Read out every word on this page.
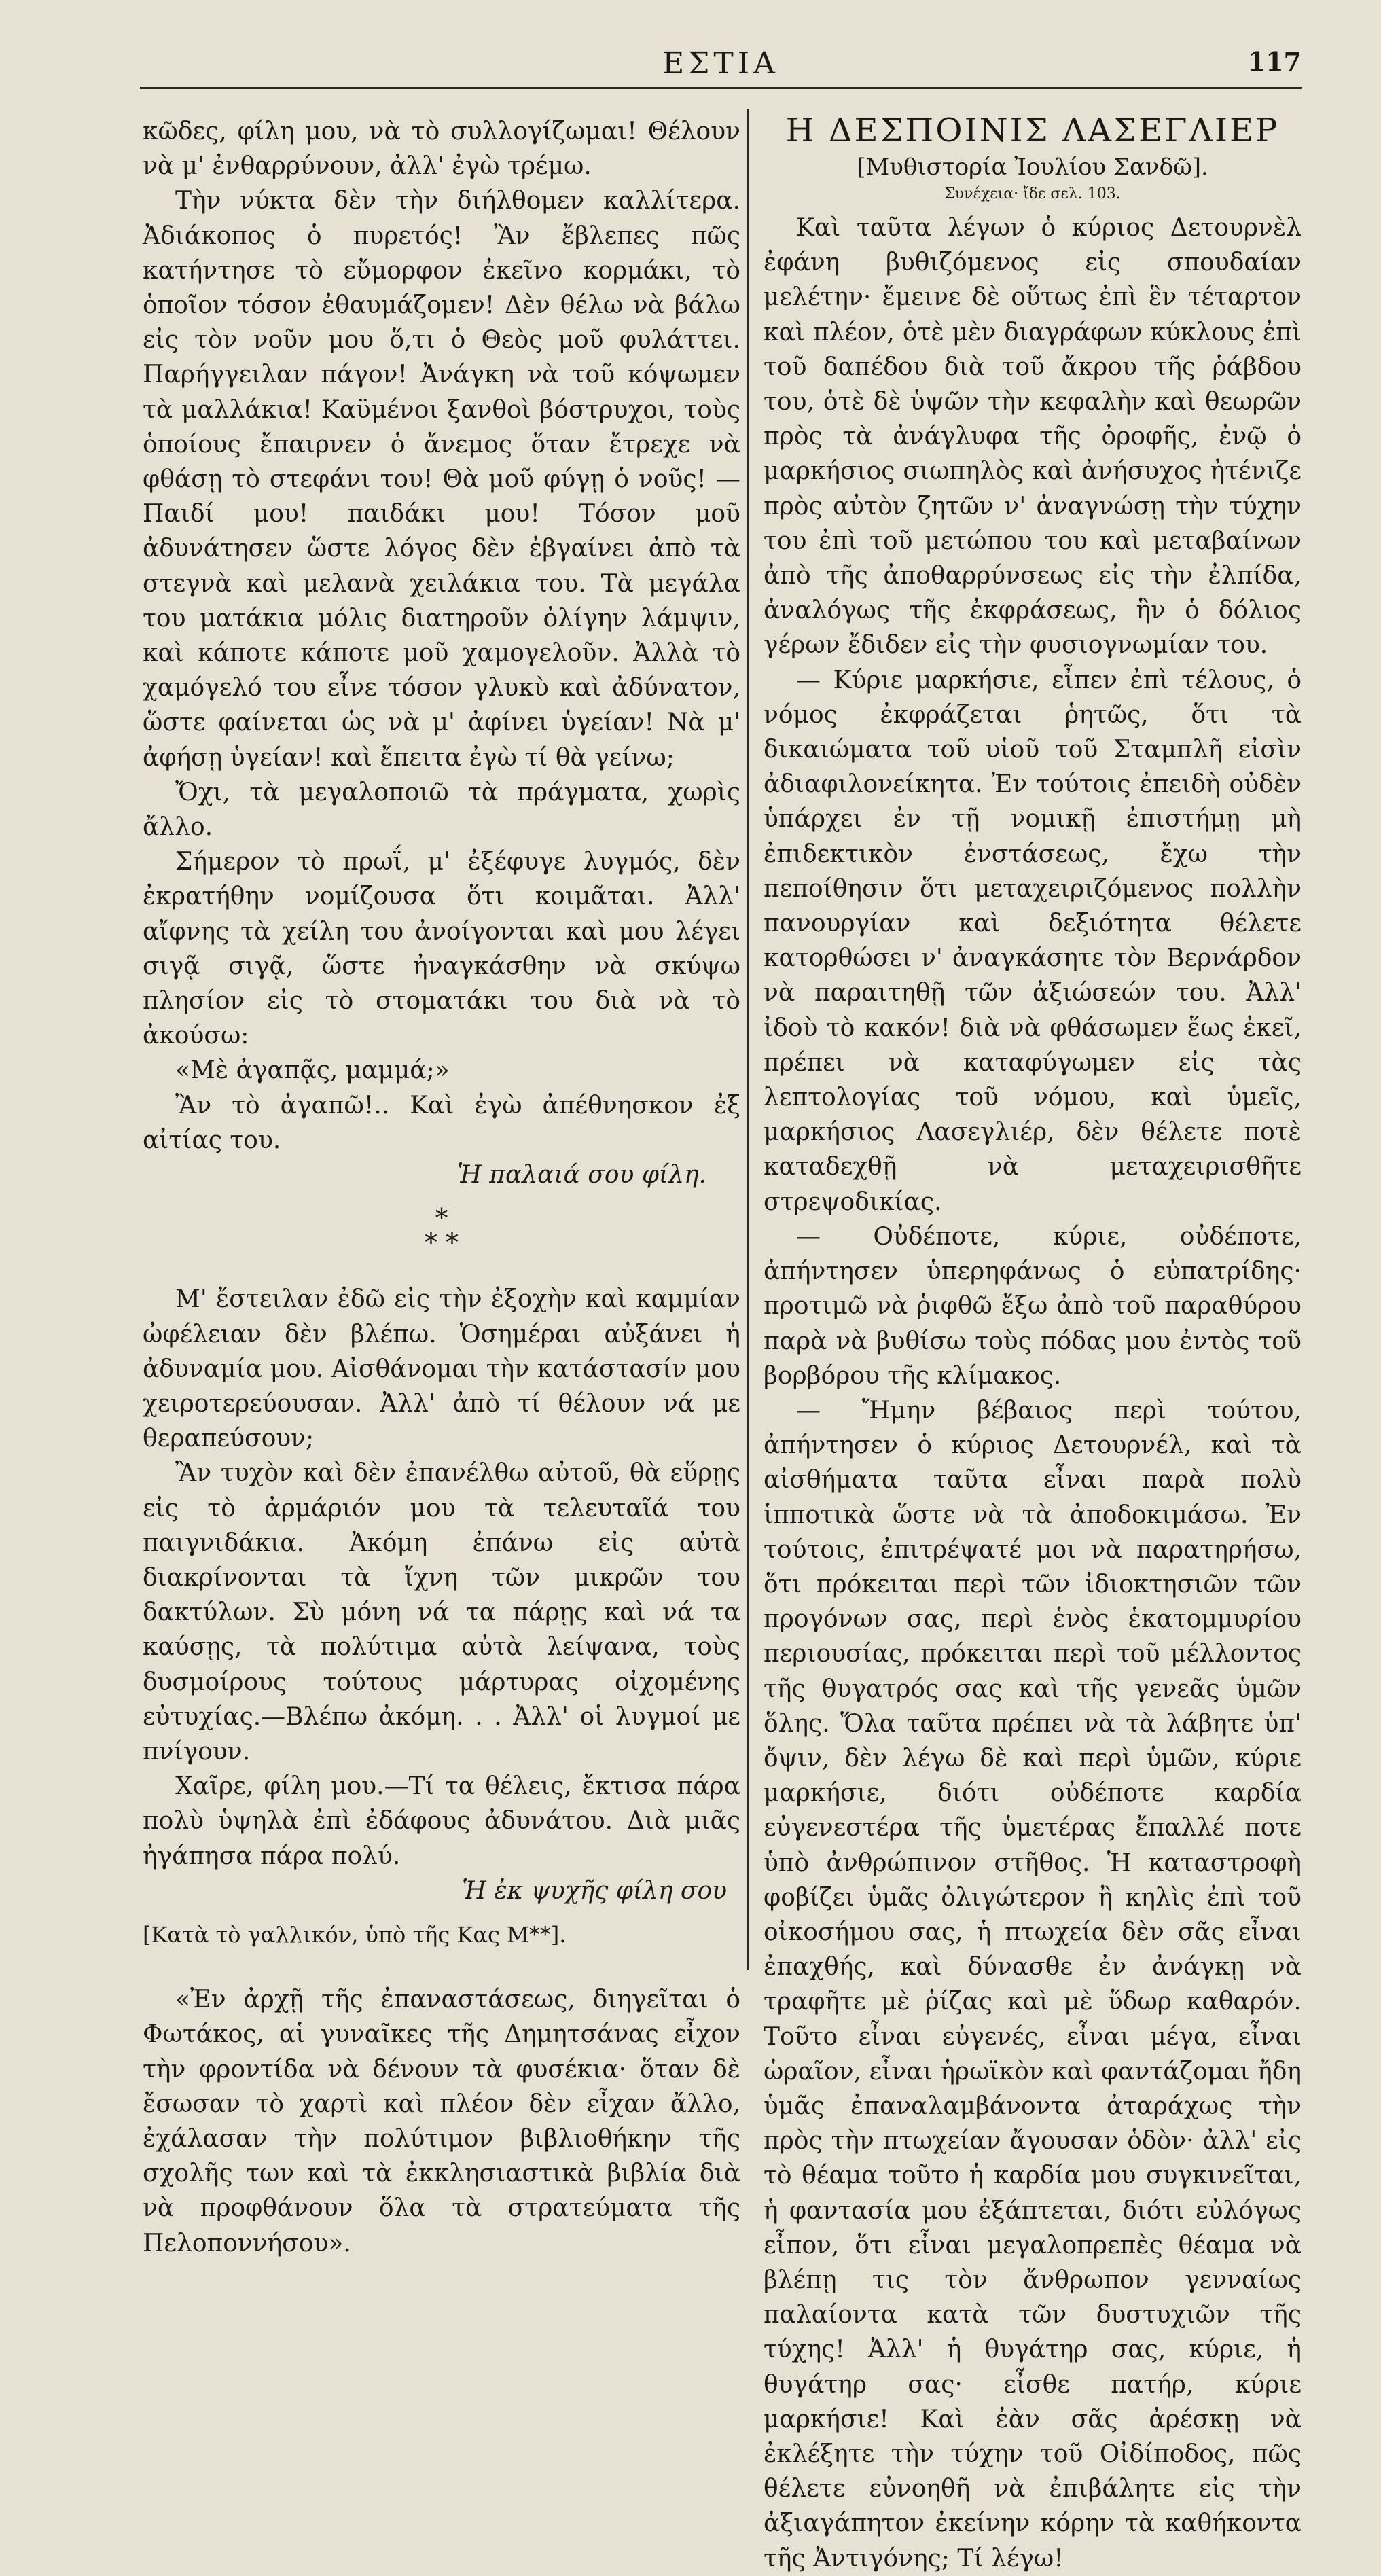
ΕΣΤΙΑ	117

κῶδες, φίλη μου, νὰ τὸ συλλογίζωμαι! Θέλουν νὰ μ' ἐνθαρρύνουν, ἀλλ' ἐγὼ τρέμω.

Τὴν νύκτα δὲν τὴν διήλθομεν καλλίτερα. Ἀδιάκοπος ὁ πυρετός! Ἂν ἔβλεπες πῶς κατήντησε τὸ εὔμορφον ἐκεῖνο κορμάκι, τὸ ὁποῖον τόσον ἐθαυμάζομεν! Δὲν θέλω νὰ βάλω εἰς τὸν νοῦν μου ὅ,τι ὁ Θεὸς μοῦ φυλάττει. Παρήγγειλαν πάγον! Ἀνάγκη νὰ τοῦ κόψωμεν τὰ μαλλάκια! Καϋμένοι ξανθοὶ βόστρυχοι, τοὺς ὁποίους ἔπαιρνεν ὁ ἄνεμος ὅταν ἔτρεχε νὰ φθάσῃ τὸ στεφάνι του! Θὰ μοῦ φύγῃ ὁ νοῦς! —Παιδί μου! παιδάκι μου! Τόσον μοῦ ἀδυνάτησεν ὥστε λόγος δὲν ἐβγαίνει ἀπὸ τὰ στεγνὰ καὶ μελανὰ χειλάκια του. Τὰ μεγάλα του ματάκια μόλις διατηροῦν ὀλίγην λάμψιν, καὶ κάποτε κάποτε μοῦ χαμογελοῦν. Ἀλλὰ τὸ χαμόγελό του εἶνε τόσον γλυκὺ καὶ ἀδύνατον, ὥστε φαίνεται ὡς νὰ μ' ἀφίνει ὑγείαν! Νὰ μ' ἀφήσῃ ὑγείαν! καὶ ἔπειτα ἐγὼ τί θὰ γείνω;

Ὄχι, τὰ μεγαλοποιῶ τὰ πράγματα, χωρὶς ἄλλο.

Σήμερον τὸ πρωΐ, μ' ἐξέφυγε λυγμός, δὲν ἐκρατήθην νομίζουσα ὅτι κοιμᾶται. Ἀλλ' αἴφνης τὰ χείλη του ἀνοίγονται καὶ μου λέγει σιγᾷ σιγᾷ, ὥστε ἠναγκάσθην νὰ σκύψω πλησίον εἰς τὸ στοματάκι του διὰ νὰ τὸ ἀκούσω:

«Μὲ ἀγαπᾷς, μαμμά;»

Ἂν τὸ ἀγαπῶ!.. Καὶ ἐγὼ ἀπέθνησκον ἐξ αἰτίας του.

Ἡ παλαιά σου φίλη.

*
* *

Μ' ἔστειλαν ἐδῶ εἰς τὴν ἐξοχὴν καὶ καμμίαν ὠφέλειαν δὲν βλέπω. Ὁσημέραι αὐξάνει ἡ ἀδυναμία μου. Αἰσθάνομαι τὴν κατάστασίν μου χειροτερεύουσαν. Ἀλλ' ἀπὸ τί θέλουν νά με θεραπεύσουν;

Ἂν τυχὸν καὶ δὲν ἐπανέλθω αὐτοῦ, θὰ εὕρῃς εἰς τὸ ἀρμάριόν μου τὰ τελευταῖά του παιγνιδάκια. Ἀκόμη ἐπάνω εἰς αὐτὰ διακρίνονται τὰ ἴχνη τῶν μικρῶν του δακτύλων. Σὺ μόνη νά τα πάρῃς καὶ νά τα καύσῃς, τὰ πολύτιμα αὐτὰ λείψανα, τοὺς δυσμοίρους τούτους μάρτυρας οἰχομένης εὐτυχίας.—Βλέπω ἀκόμη. . . Ἀλλ' οἱ λυγμοί με πνίγουν.

Χαῖρε, φίλη μου.—Τί τα θέλεις, ἔκτισα πάρα πολὺ ὑψηλὰ ἐπὶ ἐδάφους ἀδυνάτου. Διὰ μιᾶς ἠγάπησα πάρα πολύ.

Ἡ ἐκ ψυχῆς φίλη σου

[Κατὰ τὸ γαλλικόν, ὑπὸ τῆς Κας Μ**].

«Ἐν ἀρχῇ τῆς ἐπαναστάσεως, διηγεῖται ὁ Φωτάκος, αἱ γυναῖκες τῆς Δημητσάνας εἶχον τὴν φροντίδα νὰ δένουν τὰ φυσέκια· ὅταν δὲ ἔσωσαν τὸ χαρτὶ καὶ πλέον δὲν εἶχαν ἄλλο, ἐχάλασαν τὴν πολύτιμον βιβλιοθήκην τῆς σχολῆς των καὶ τὰ ἐκκλησιαστικὰ βιβλία διὰ νὰ προφθάνουν ὅλα τὰ στρατεύματα τῆς Πελοποννήσου».

Η ΔΕΣΠΟΙΝΙΣ ΛΑΣΕΓΛΙΕΡ
[Μυθιστορία Ἰουλίου Σανδῶ].
Συνέχεια· ἴδε σελ. 103.

Καὶ ταῦτα λέγων ὁ κύριος Δετουρνὲλ ἐφάνη βυθιζόμενος εἰς σπουδαίαν μελέτην· ἔμεινε δὲ οὕτως ἐπὶ ἓν τέταρτον καὶ πλέον, ὁτὲ μὲν διαγράφων κύκλους ἐπὶ τοῦ δαπέδου διὰ τοῦ ἄκρου τῆς ῥάβδου του, ὁτὲ δὲ ὑψῶν τὴν κεφαλὴν καὶ θεωρῶν πρὸς τὰ ἀνάγλυφα τῆς ὀροφῆς, ἐνῷ ὁ μαρκήσιος σιωπηλὸς καὶ ἀνήσυχος ἠτένιζε πρὸς αὐτὸν ζητῶν ν' ἀναγνώσῃ τὴν τύχην του ἐπὶ τοῦ μετώπου του καὶ μεταβαίνων ἀπὸ τῆς ἀποθαρρύνσεως εἰς τὴν ἐλπίδα, ἀναλόγως τῆς ἐκφράσεως, ἣν ὁ δόλιος γέρων ἔδιδεν εἰς τὴν φυσιογνωμίαν του.

— Κύριε μαρκήσιε, εἶπεν ἐπὶ τέλους, ὁ νόμος ἐκφράζεται ῥητῶς, ὅτι τὰ δικαιώματα τοῦ υἱοῦ τοῦ Σταμπλῆ εἰσὶν ἀδιαφιλονείκητα. Ἐν τούτοις ἐπειδὴ οὐδὲν ὑπάρχει ἐν τῇ νομικῇ ἐπιστήμῃ μὴ ἐπιδεκτικὸν ἐνστάσεως, ἔχω τὴν πεποίθησιν ὅτι μεταχειριζόμενος πολλὴν πανουργίαν καὶ δεξιότητα θέλετε κατορθώσει ν' ἀναγκάσητε τὸν Βερνάρδον νὰ παραιτηθῇ τῶν ἀξιώσεών του. Ἀλλ' ἰδοὺ τὸ κακόν! διὰ νὰ φθάσωμεν ἕως ἐκεῖ, πρέπει νὰ καταφύγωμεν εἰς τὰς λεπτολογίας τοῦ νόμου, καὶ ὑμεῖς, μαρκήσιος Λασεγλιέρ, δὲν θέλετε ποτὲ καταδεχθῇ νὰ μεταχειρισθῆτε στρεψοδικίας.

— Οὐδέποτε, κύριε, οὐδέποτε, ἀπήντησεν ὑπερηφάνως ὁ εὐπατρίδης· προτιμῶ νὰ ῥιφθῶ ἔξω ἀπὸ τοῦ παραθύρου παρὰ νὰ βυθίσω τοὺς πόδας μου ἐντὸς τοῦ βορβόρου τῆς κλίμακος.

— Ἤμην βέβαιος περὶ τούτου, ἀπήντησεν ὁ κύριος Δετουρνέλ, καὶ τὰ αἰσθήματα ταῦτα εἶναι παρὰ πολὺ ἱπποτικὰ ὥστε νὰ τὰ ἀποδοκιμάσω. Ἐν τούτοις, ἐπιτρέψατέ μοι νὰ παρατηρήσω, ὅτι πρόκειται περὶ τῶν ἰδιοκτησιῶν τῶν προγόνων σας, περὶ ἑνὸς ἑκατομμυρίου περιουσίας, πρόκειται περὶ τοῦ μέλλοντος τῆς θυγατρός σας καὶ τῆς γενεᾶς ὑμῶν ὅλης. Ὅλα ταῦτα πρέπει νὰ τὰ λάβητε ὑπ' ὄψιν, δὲν λέγω δὲ καὶ περὶ ὑμῶν, κύριε μαρκήσιε, διότι οὐδέποτε καρδία εὐγενεστέρα τῆς ὑμετέρας ἔπαλλέ ποτε ὑπὸ ἀνθρώπινον στῆθος. Ἡ καταστροφὴ φοβίζει ὑμᾶς ὀλιγώτερον ἢ κηλὶς ἐπὶ τοῦ οἰκοσήμου σας, ἡ πτωχεία δὲν σᾶς εἶναι ἐπαχθής, καὶ δύνασθε ἐν ἀνάγκῃ νὰ τραφῆτε μὲ ῥίζας καὶ μὲ ὕδωρ καθαρόν. Τοῦτο εἶναι εὐγενές, εἶναι μέγα, εἶναι ὡραῖον, εἶναι ἡρωϊκὸν καὶ φαντάζομαι ἤδη ὑμᾶς ἐπαναλαμβάνοντα ἀταράχως τὴν πρὸς τὴν πτωχείαν ἄγουσαν ὁδὸν· ἀλλ' εἰς τὸ θέαμα τοῦτο ἡ καρδία μου συγκινεῖται, ἡ φαντασία μου ἐξάπτεται, διότι εὐλόγως εἶπον, ὅτι εἶναι μεγαλοπρεπὲς θέαμα νὰ βλέπῃ τις τὸν ἄνθρωπον γενναίως παλαίοντα κατὰ τῶν δυστυχιῶν τῆς τύχης! Ἀλλ' ἡ θυγάτηρ σας, κύριε, ἡ θυγάτηρ σας· εἶσθε πατήρ, κύριε μαρκήσιε! Καὶ ἐὰν σᾶς ἀρέσκῃ νὰ ἐκλέξητε τὴν τύχην τοῦ Οἰδίποδος, πῶς θέλετε εὐνοηθῆ νὰ ἐπιβάλητε εἰς τὴν ἀξιαγάπητον ἐκείνην κόρην τὰ καθήκοντα τῆς Ἀντιγόνης; Τί λέγω!
